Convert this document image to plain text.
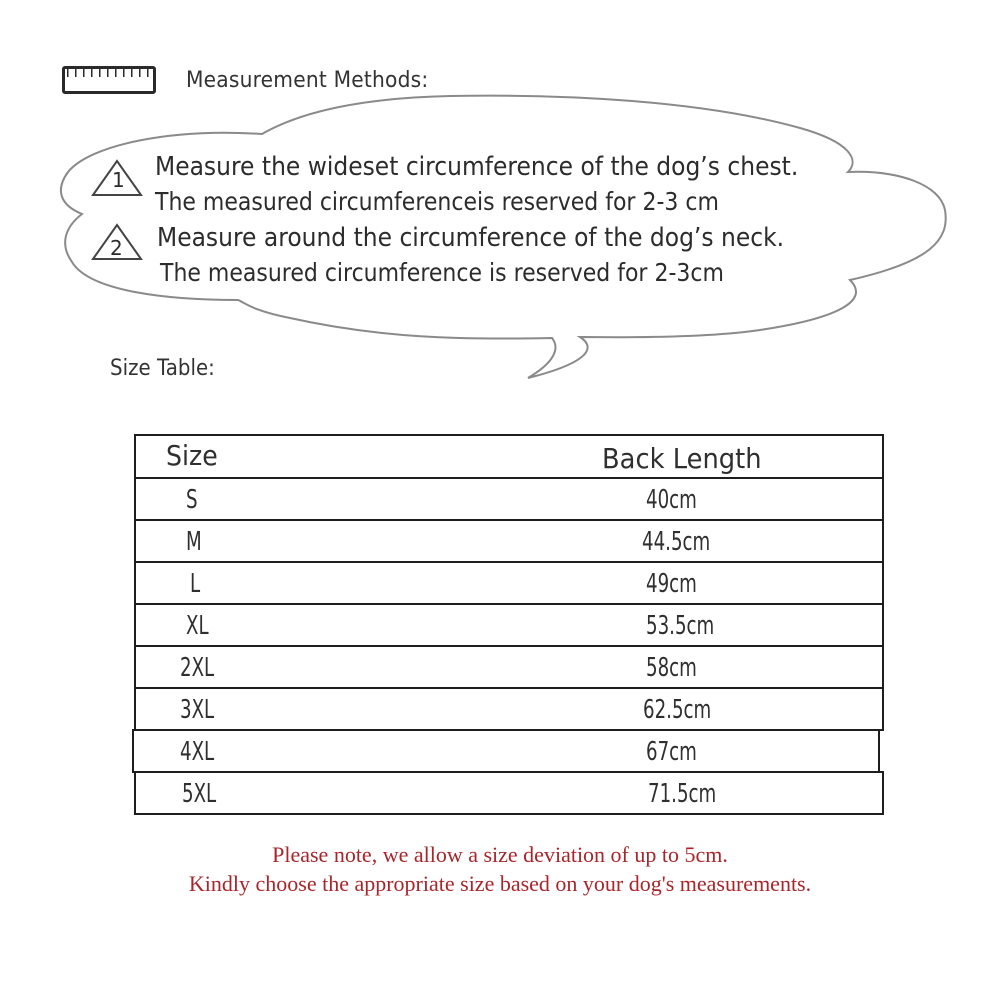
Measurement Methods:
1 Measure the wideset circumference of the dog’s chest.
The measured circumferenceis reserved for 2-3 cm
2 Measure around the circumference of the dog’s neck.
The measured circumference is reserved for 2-3cm
Size Table:
Size	Back Length
S	40cm
M	44.5cm
L	49cm
XL	53.5cm
2XL	58cm
3XL	62.5cm
4XL	67cm
5XL	71.5cm
Please note, we allow a size deviation of up to 5cm.
Kindly choose the appropriate size based on your dog's measurements.
